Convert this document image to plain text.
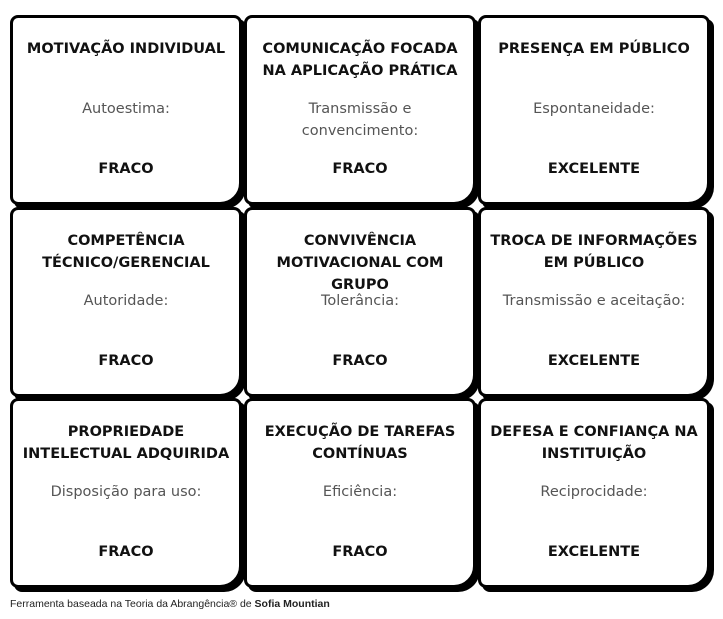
MOTIVAÇÃO INDIVIDUAL
Autoestima:
FRACO
COMUNICAÇÃO FOCADA NA APLICAÇÃO PRÁTICA
Transmissão e convencimento:
FRACO
PRESENÇA EM PÚBLICO
Espontaneidade:
EXCELENTE
COMPETÊNCIA TÉCNICO/GERENCIAL
Autoridade:
FRACO
CONVIVÊNCIA MOTIVACIONAL COM GRUPO
Tolerância:
FRACO
TROCA DE INFORMAÇÕES EM PÚBLICO
Transmissão e aceitação:
EXCELENTE
PROPRIEDADE INTELECTUAL ADQUIRIDA
Disposição para uso:
FRACO
EXECUÇÃO DE TAREFAS CONTÍNUAS
Eficiência:
FRACO
DEFESA E CONFIANÇA NA INSTITUIÇÃO
Reciprocidade:
EXCELENTE
Ferramenta baseada na Teoria da Abrangência® de Sofia Mountian
